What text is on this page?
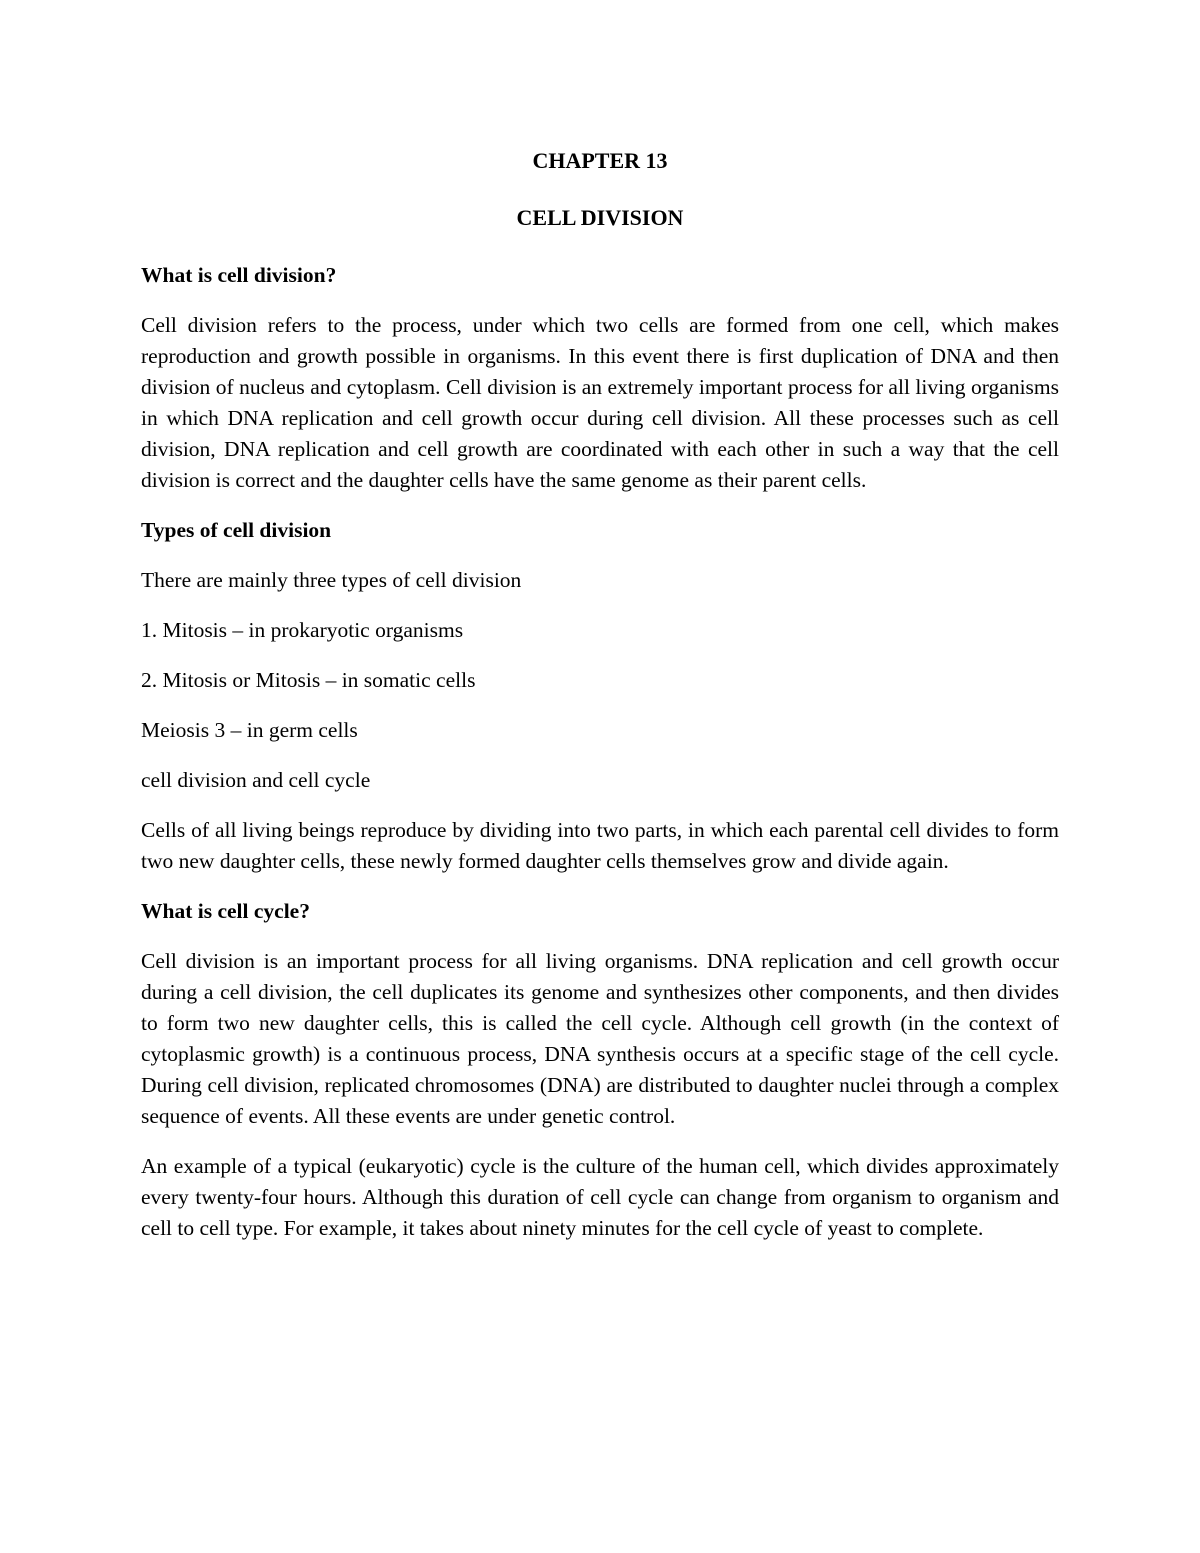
CHAPTER 13

CELL DIVISION

What is cell division?

Cell division refers to the process, under which two cells are formed from one cell, which makes reproduction and growth possible in organisms. In this event there is first duplication of DNA and then division of nucleus and cytoplasm. Cell division is an extremely important process for all living organisms in which DNA replication and cell growth occur during cell division. All these processes such as cell division, DNA replication and cell growth are coordinated with each other in such a way that the cell division is correct and the daughter cells have the same genome as their parent cells.

Types of cell division

There are mainly three types of cell division

1. Mitosis – in prokaryotic organisms

2. Mitosis or Mitosis – in somatic cells

Meiosis 3 – in germ cells

cell division and cell cycle

Cells of all living beings reproduce by dividing into two parts, in which each parental cell divides to form two new daughter cells, these newly formed daughter cells themselves grow and divide again.

What is cell cycle?

Cell division is an important process for all living organisms. DNA replication and cell growth occur during a cell division, the cell duplicates its genome and synthesizes other components, and then divides to form two new daughter cells, this is called the cell cycle. Although cell growth (in the context of cytoplasmic growth) is a continuous process, DNA synthesis occurs at a specific stage of the cell cycle. During cell division, replicated chromosomes (DNA) are distributed to daughter nuclei through a complex sequence of events. All these events are under genetic control.

An example of a typical (eukaryotic) cycle is the culture of the human cell, which divides approximately every twenty-four hours. Although this duration of cell cycle can change from organism to organism and cell to cell type. For example, it takes about ninety minutes for the cell cycle of yeast to complete.
